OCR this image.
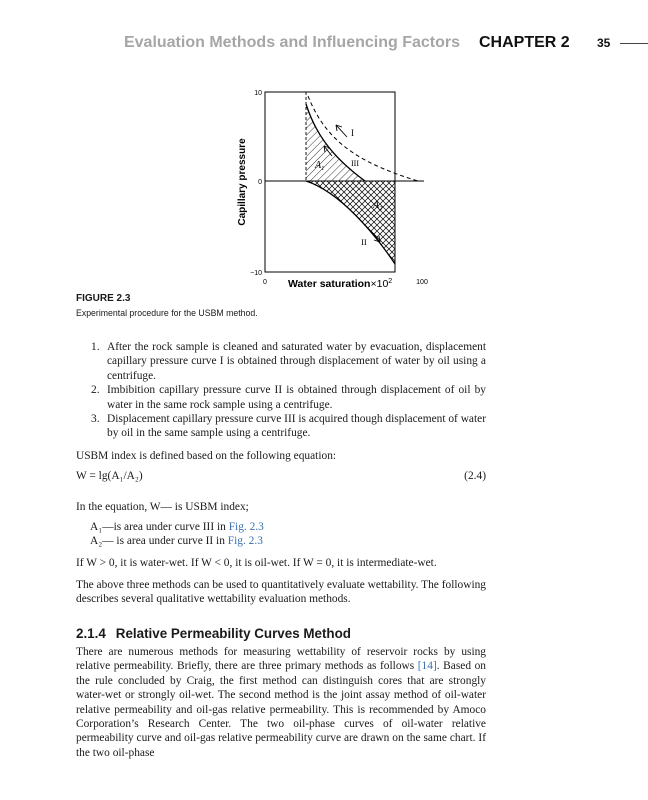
Evaluation Methods and Influencing Factors CHAPTER 2 35
10
0
−10
Capillary pressure
0	100
Water $saturation\times 10^2$
I
III
II
$A_1$
$A_2$
FIGURE 2.3
Experimental procedure for the USBM method.
1. After the rock sample is cleaned and saturated water by evacuation, displacement capillary pressure curve I is obtained through displacement of water by oil using a centrifuge.
2. Imbibition capillary pressure curve II is obtained through displacement of oil by water in the same rock sample using a centrifuge.
3. Displacement capillary pressure curve III is acquired though displacement of water by oil in the same sample using a centrifuge.

USBM index is defined based on the following equation:

W = lg(A₁/A₂)	(2.4)

In the equation, W— is USBM index;

A₁—is area under curve III in Fig. 2.3
A₂— is area under curve II in Fig. 2.3

If W > 0, it is water-wet. If W < 0, it is oil-wet. If W = 0, it is intermediate-wet.

The above three methods can be used to quantitatively evaluate wettability. The following describes several qualitative wettability evaluation methods.

2.1.4 Relative Permeability Curves Method

There are numerous methods for measuring wettability of reservoir rocks by using relative permeability. Briefly, there are three primary methods as follows [14]. Based on the rule concluded by Craig, the first method can distinguish cores that are strongly water-wet or strongly oil-wet. The second method is the joint assay method of oil-water relative permeability and oil-gas relative permeability. This is recommended by Amoco Corporation’s Research Center. The two oil-phase curves of oil-water relative permeability curve and oil-gas relative permeability curve are drawn on the same chart. If the two oil-phase
